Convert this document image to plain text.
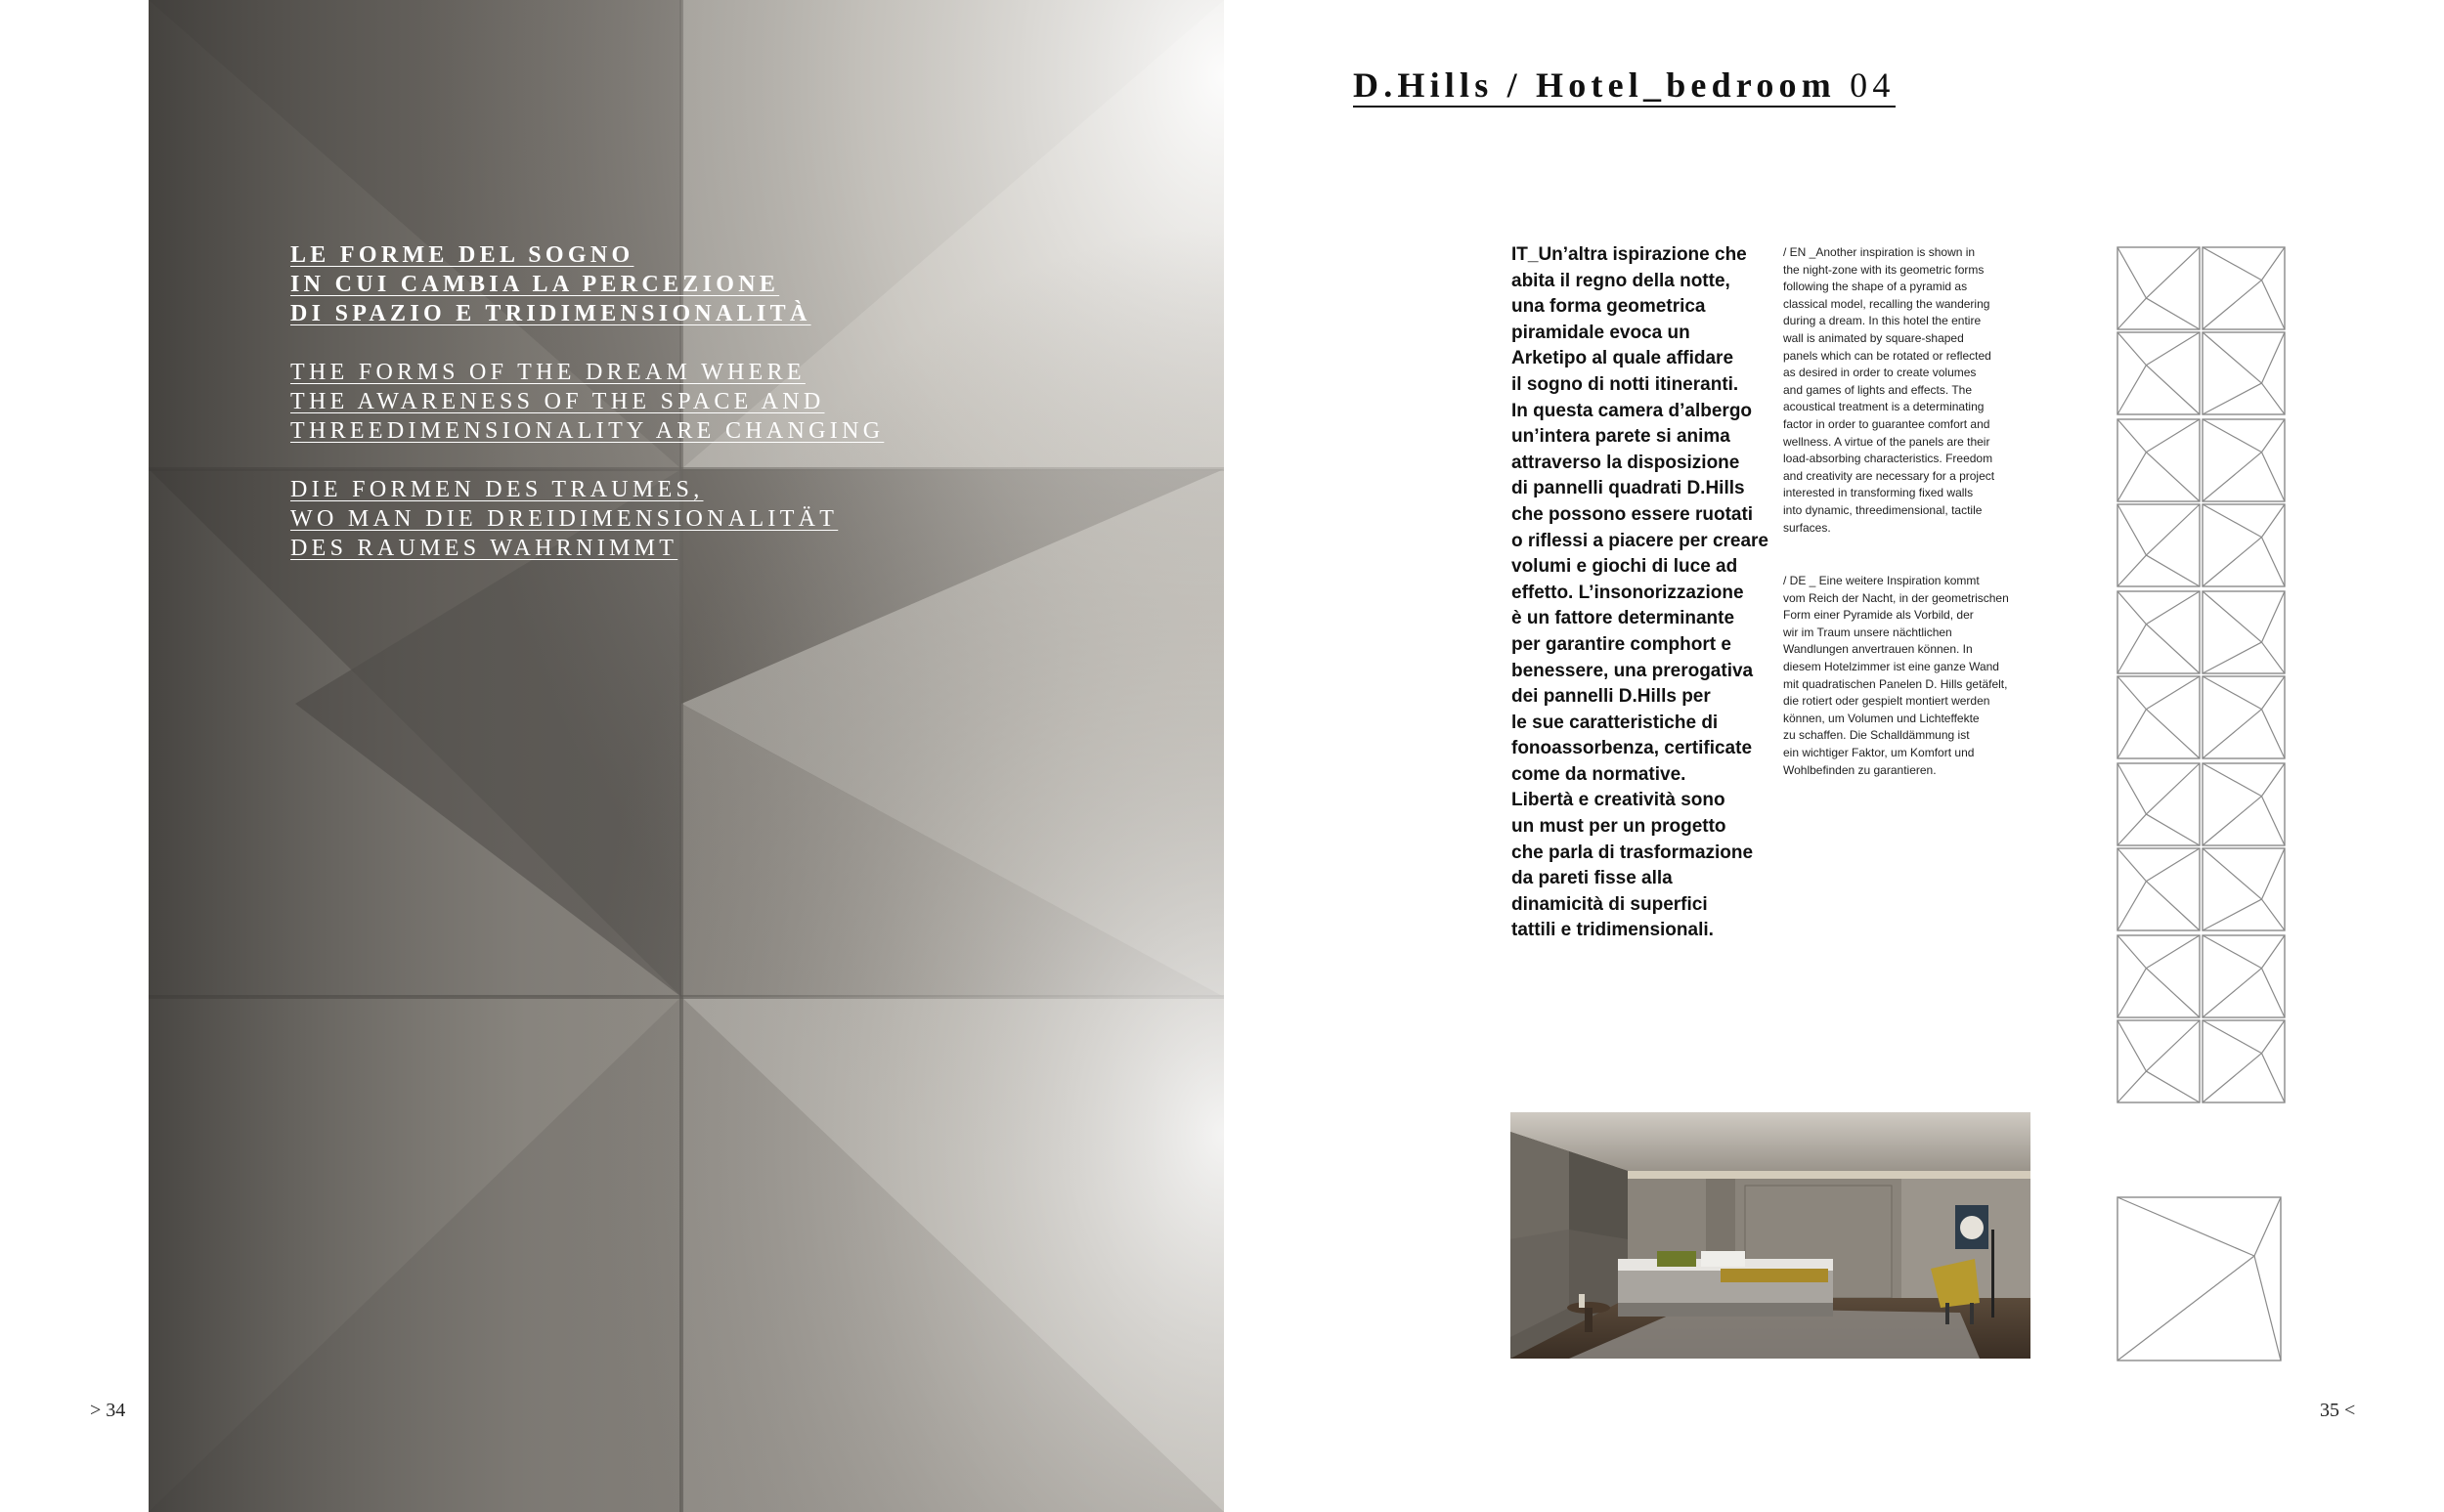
LE FORME DEL SOGNO
IN CUI CAMBIA LA PERCEZIONE
DI SPAZIO E TRIDIMENSIONALITÀ
THE FORMS OF THE DREAM WHERE
THE AWARENESS OF THE SPACE AND
THREEDIMENSIONALITY ARE CHANGING
DIE FORMEN DES TRAUMES,
WO MAN DIE DREIDIMENSIONALITÄT
DES RAUMES WAHRNIMMT
> 34
D.Hills / Hotel_bedroom 04
IT_Un’altra ispirazione che
abita il regno della notte,
una forma geometrica
piramidale evoca un
Arketipo al quale affidare
il sogno di notti itineranti.
In questa camera d’albergo
un’intera parete si anima
attraverso la disposizione
di pannelli quadrati D.Hills
che possono essere ruotati
o riflessi a piacere per creare
volumi e giochi di luce ad
effetto. L’insonorizzazione
è un fattore determinante
per garantire comphort e
benessere, una prerogativa
dei pannelli D.Hills per
le sue caratteristiche di
fonoassorbenza, certificate
come da normative.
Libertà e creatività sono
un must per un progetto
che parla di trasformazione
da pareti fisse alla
dinamicità di superfici
tattili e tridimensionali.
/ EN _Another inspiration is shown in
the night-zone with its geometric forms
following the shape of a pyramid as
classical model, recalling the wandering
during a dream. In this hotel the entire
wall is animated by square-shaped
panels which can be rotated or reflected
as desired in order to create volumes
and games of lights and effects. The
acoustical treatment is a determinating
factor in order to guarantee comfort and
wellness. A virtue of the panels are their
load-absorbing characteristics. Freedom
and creativity are necessary for a project
interested in transforming fixed walls
into dynamic, threedimensional, tactile
surfaces.
/ DE _ Eine weitere Inspiration kommt
vom Reich der Nacht, in der geometrischen
Form einer Pyramide als Vorbild, der
wir im Traum unsere nächtlichen
Wandlungen anvertrauen können. In
diesem Hotelzimmer ist eine ganze Wand
mit quadratischen Panelen D. Hills getäfelt,
die rotiert oder gespielt montiert werden
können, um Volumen und Lichteffekte
zu schaffen. Die Schalldämmung ist
ein wichtiger Faktor, um Komfort und
Wohlbefinden zu garantieren.
35 <
